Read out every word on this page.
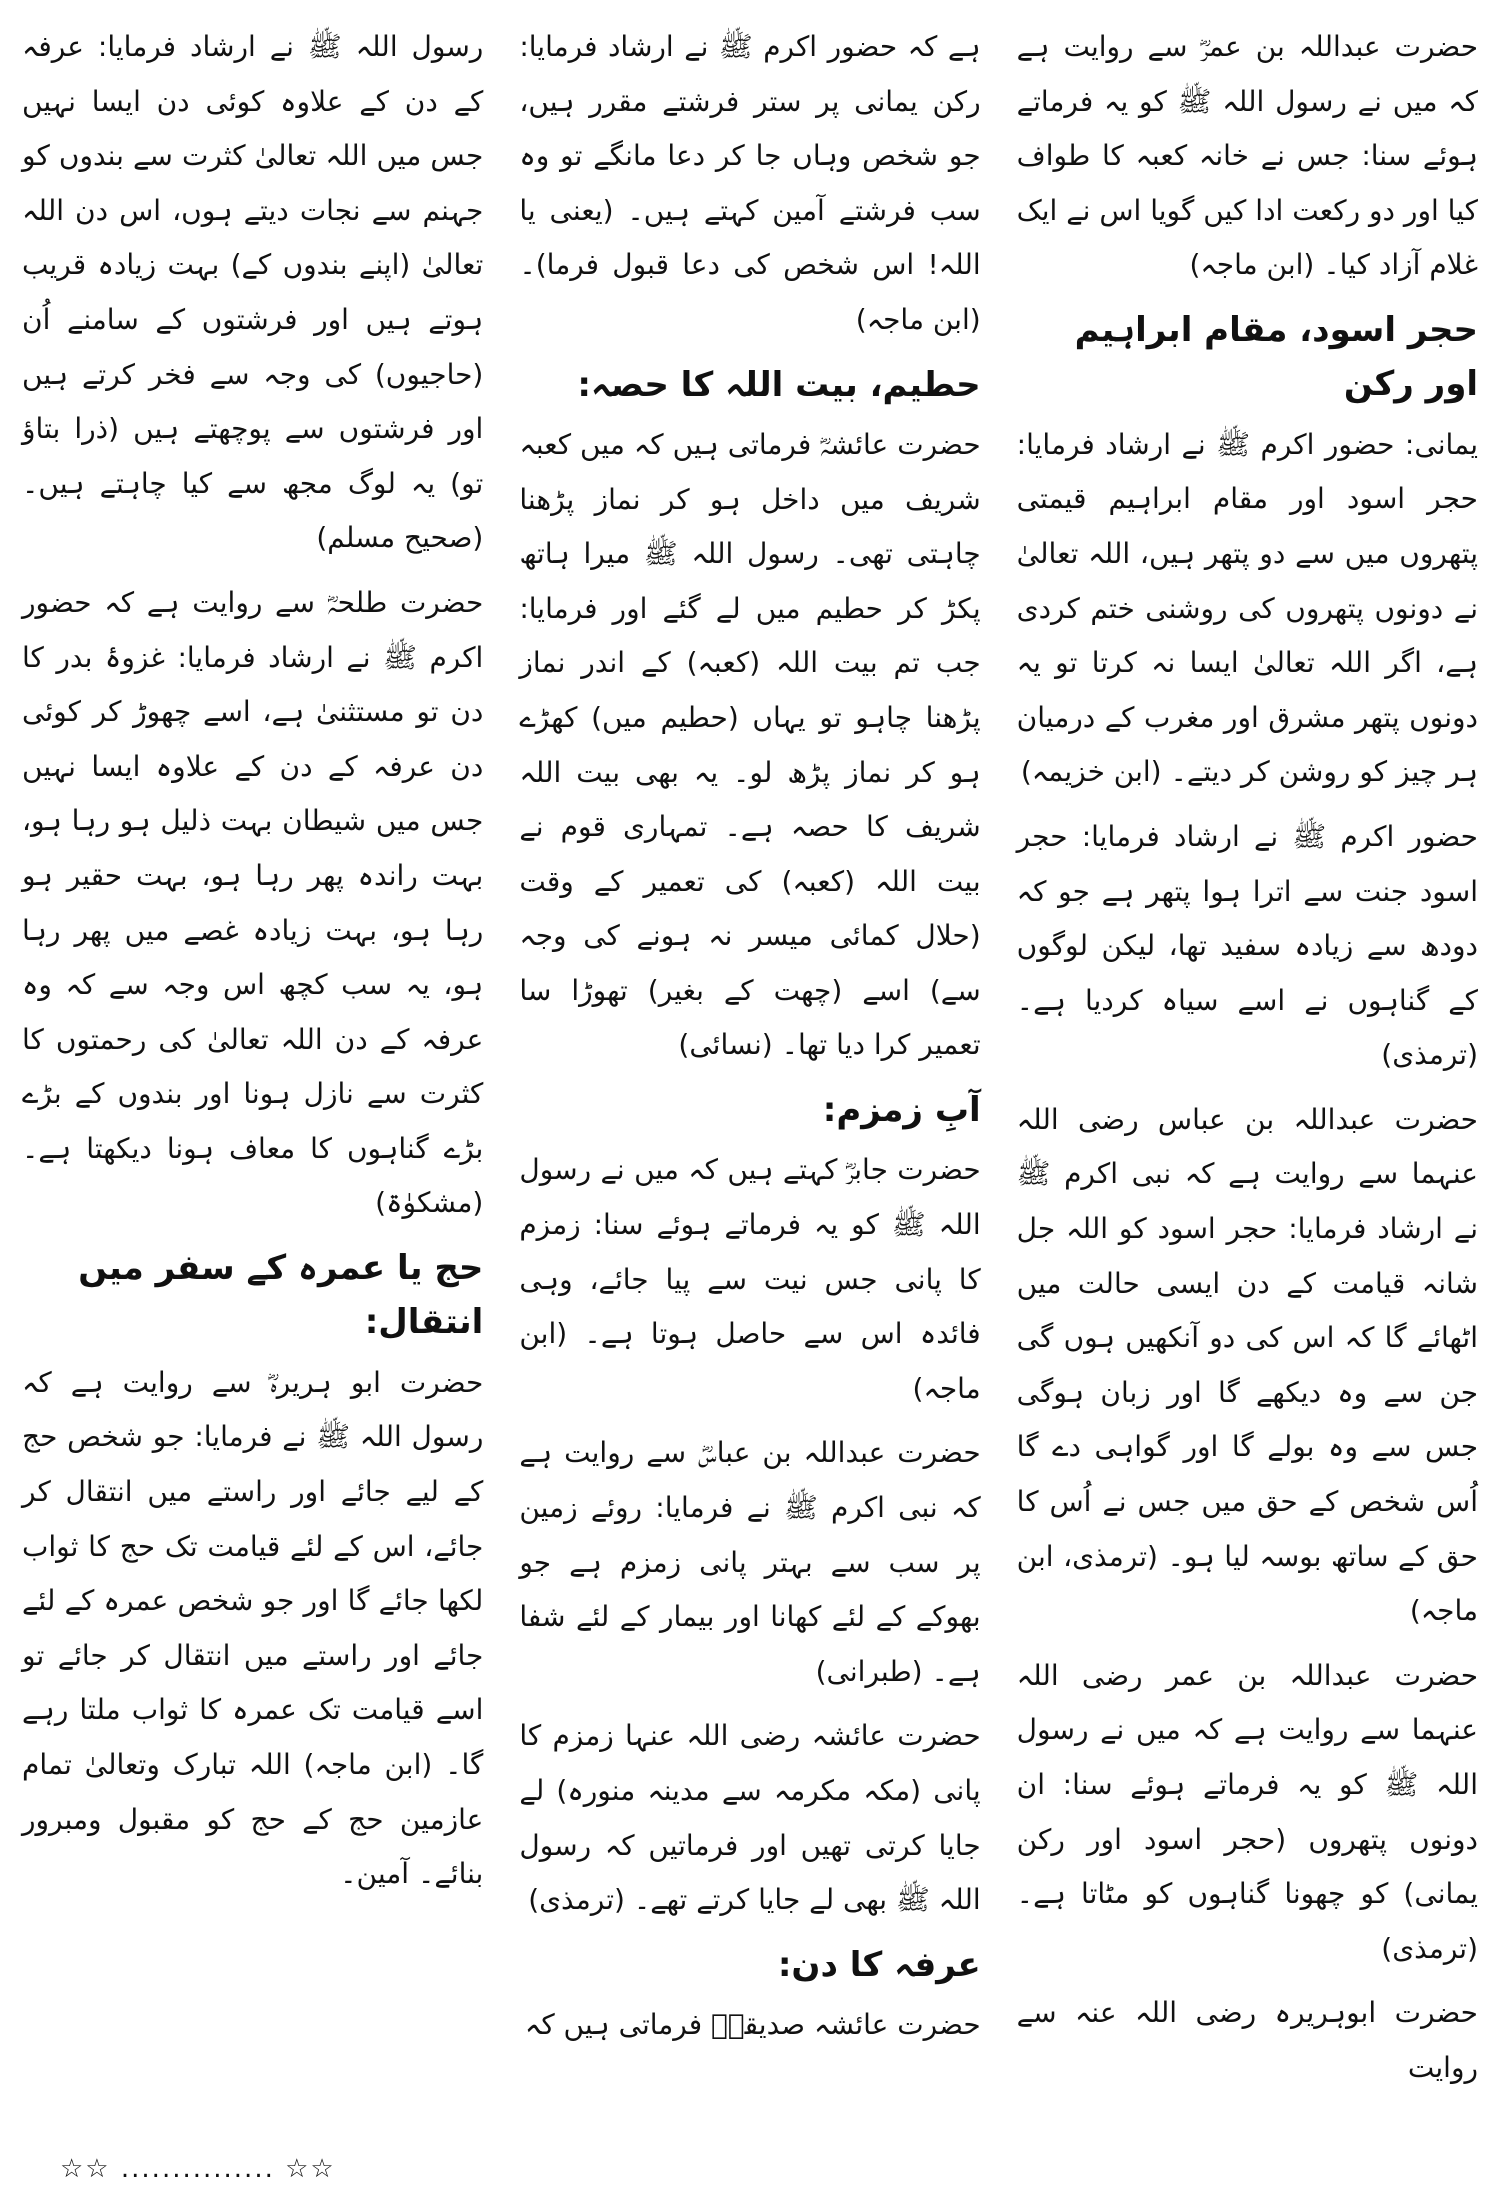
حضرت عبداللہ بن عمرؓ سے روایت ہے کہ میں نے رسول اللہ ﷺ کو یہ فرماتے ہوئے سنا: جس نے خانہ کعبہ کا طواف کیا اور دو رکعت ادا کیں گویا اس نے ایک غلام آزاد کیا۔ (ابن ماجہ)

حجر اسود، مقام ابراہیم اور رکن

یمانی: حضور اکرم ﷺ نے ارشاد فرمایا: حجر اسود اور مقام ابراہیم قیمتی پتھروں میں سے دو پتھر ہیں، اللہ تعالیٰ نے دونوں پتھروں کی روشنی ختم کردی ہے، اگر اللہ تعالیٰ ایسا نہ کرتا تو یہ دونوں پتھر مشرق اور مغرب کے درمیان ہر چیز کو روشن کر دیتے۔ (ابن خزیمہ)

حضور اکرم ﷺ نے ارشاد فرمایا: حجر اسود جنت سے اترا ہوا پتھر ہے جو کہ دودھ سے زیادہ سفید تھا، لیکن لوگوں کے گناہوں نے اسے سیاہ کردیا ہے۔ (ترمذی)

حضرت عبداللہ بن عباس رضی اللہ عنہما سے روایت ہے کہ نبی اکرم ﷺ نے ارشاد فرمایا: حجر اسود کو اللہ جل شانہ قیامت کے دن ایسی حالت میں اٹھائے گا کہ اس کی دو آنکھیں ہوں گی جن سے وہ دیکھے گا اور زبان ہوگی جس سے وہ بولے گا اور گواہی دے گا اُس شخص کے حق میں جس نے اُس کا حق کے ساتھ بوسہ لیا ہو۔ (ترمذی، ابن ماجہ)

حضرت عبداللہ بن عمر رضی اللہ عنہما سے روایت ہے کہ میں نے رسول اللہ ﷺ کو یہ فرماتے ہوئے سنا: ان دونوں پتھروں (حجر اسود اور رکن یمانی) کو چھونا گناہوں کو مٹاتا ہے۔ (ترمذی)

حضرت ابوہریرہ رضی اللہ عنہ سے روایت

ہے کہ حضور اکرم ﷺ نے ارشاد فرمایا: رکن یمانی پر ستر فرشتے مقرر ہیں، جو شخص وہاں جا کر دعا مانگے تو وہ سب فرشتے آمین کہتے ہیں۔ (یعنی یا اللہ! اس شخص کی دعا قبول فرما)۔ (ابن ماجہ)

حطیم، بیت اللہ کا حصہ:

حضرت عائشہؓ فرماتی ہیں کہ میں کعبہ شریف میں داخل ہو کر نماز پڑھنا چاہتی تھی۔ رسول اللہ ﷺ میرا ہاتھ پکڑ کر حطیم میں لے گئے اور فرمایا: جب تم بیت اللہ (کعبہ) کے اندر نماز پڑھنا چاہو تو یہاں (حطیم میں) کھڑے ہو کر نماز پڑھ لو۔ یہ بھی بیت اللہ شریف کا حصہ ہے۔ تمہاری قوم نے بیت اللہ (کعبہ) کی تعمیر کے وقت (حلال کمائی میسر نہ ہونے کی وجہ سے) اسے (چھت کے بغیر) تھوڑا سا تعمیر کرا دیا تھا۔ (نسائی)

آبِ زمزم:

حضرت جابرؓ کہتے ہیں کہ میں نے رسول اللہ ﷺ کو یہ فرماتے ہوئے سنا: زمزم کا پانی جس نیت سے پیا جائے، وہی فائدہ اس سے حاصل ہوتا ہے۔ (ابن ماجہ)

حضرت عبداللہ بن عباسؓ سے روایت ہے کہ نبی اکرم ﷺ نے فرمایا: روئے زمین پر سب سے بہتر پانی زمزم ہے جو بھوکے کے لئے کھانا اور بیمار کے لئے شفا ہے۔ (طبرانی)

حضرت عائشہ رضی اللہ عنہا زمزم کا پانی (مکہ مکرمہ سے مدینہ منورہ) لے جایا کرتی تھیں اور فرماتیں کہ رسول اللہ ﷺ بھی لے جایا کرتے تھے۔ (ترمذی)

عرفہ کا دن:

حضرت عائشہ صدیقہؓ فرماتی ہیں کہ

رسول اللہ ﷺ نے ارشاد فرمایا: عرفہ کے دن کے علاوہ کوئی دن ایسا نہیں جس میں اللہ تعالیٰ کثرت سے بندوں کو جہنم سے نجات دیتے ہوں، اس دن اللہ تعالیٰ (اپنے بندوں کے) بہت زیادہ قریب ہوتے ہیں اور فرشتوں کے سامنے اُن (حاجیوں) کی وجہ سے فخر کرتے ہیں اور فرشتوں سے پوچھتے ہیں (ذرا بتاؤ تو) یہ لوگ مجھ سے کیا چاہتے ہیں۔ (صحیح مسلم)

حضرت طلحہؓ سے روایت ہے کہ حضور اکرم ﷺ نے ارشاد فرمایا: غزوۂ بدر کا دن تو مستثنیٰ ہے، اسے چھوڑ کر کوئی دن عرفہ کے دن کے علاوہ ایسا نہیں جس میں شیطان بہت ذلیل ہو رہا ہو، بہت راندہ پھر رہا ہو، بہت حقیر ہو رہا ہو، بہت زیادہ غصے میں پھر رہا ہو، یہ سب کچھ اس وجہ سے کہ وہ عرفہ کے دن اللہ تعالیٰ کی رحمتوں کا کثرت سے نازل ہونا اور بندوں کے بڑے بڑے گناہوں کا معاف ہونا دیکھتا ہے۔ (مشکوٰۃ)

حج یا عمرہ کے سفر میں انتقال:

حضرت ابو ہریرہؓ سے روایت ہے کہ رسول اللہ ﷺ نے فرمایا: جو شخص حج کے لیے جائے اور راستے میں انتقال کر جائے، اس کے لئے قیامت تک حج کا ثواب لکھا جائے گا اور جو شخص عمرہ کے لئے جائے اور راستے میں انتقال کر جائے تو اسے قیامت تک عمرہ کا ثواب ملتا رہے گا۔ (ابن ماجہ) اللہ تبارک وتعالیٰ تمام عازمین حج کے حج کو مقبول ومبرور بنائے۔ آمین۔

☆☆ ............... ☆☆
